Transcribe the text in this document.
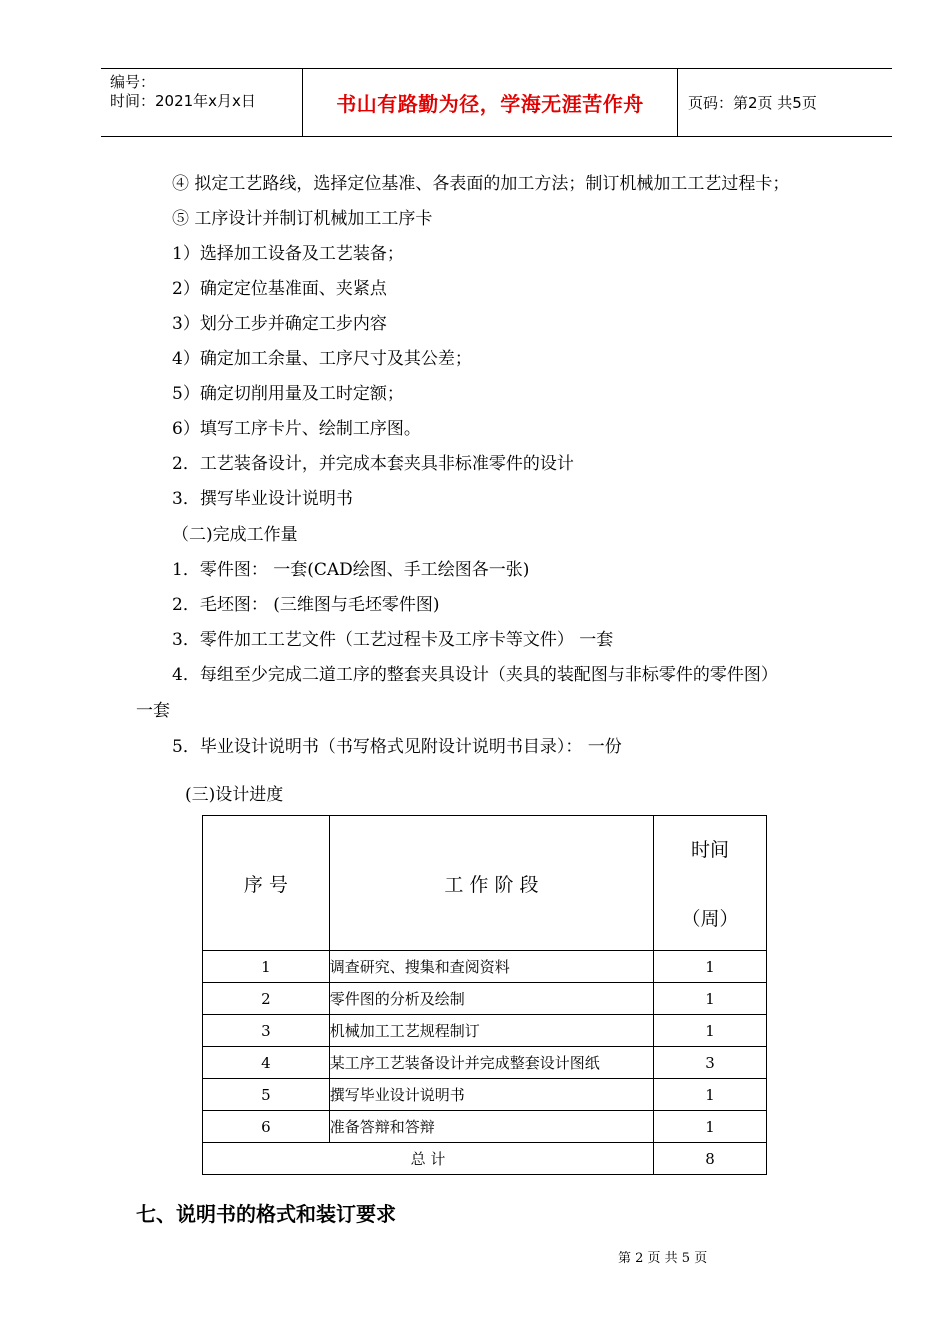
编号：
时间：2021年x月x日	书山有路勤为径，学海无涯苦作舟	页码：第2页 共5页
④ 拟定工艺路线，选择定位基准、各表面的加工方法；制订机械加工工艺过程卡；
⑤ 工序设计并制订机械加工工序卡
1）选择加工设备及工艺装备；
2）确定定位基准面、夹紧点
3）划分工步并确定工步内容
4）确定加工余量、工序尺寸及其公差；
5）确定切削用量及工时定额；
6）填写工序卡片、绘制工序图。
2．工艺装备设计，并完成本套夹具非标准零件的设计
3．撰写毕业设计说明书
（二)完成工作量
1．零件图： 一套(CAD绘图、手工绘图各一张)
2．毛坯图： (三维图与毛坯零件图)
3．零件加工工艺文件（工艺过程卡及工序卡等文件） 一套
4．每组至少完成二道工序的整套夹具设计（夹具的装配图与非标零件的零件图）
一套
5．毕业设计说明书（书写格式见附设计说明书目录）： 一份
(三)设计进度
序 号	工 作 阶 段	时间
（周）

1	调查研究、搜集和查阅资料	1
2	零件图的分析及绘制	1
3	机械加工工艺规程制订	1
4	某工序工艺装备设计并完成整套设计图纸	3
5	撰写毕业设计说明书	1
6	准备答辩和答辩	1
总 计		8
七、说明书的格式和装订要求
第 2 页 共 5 页
